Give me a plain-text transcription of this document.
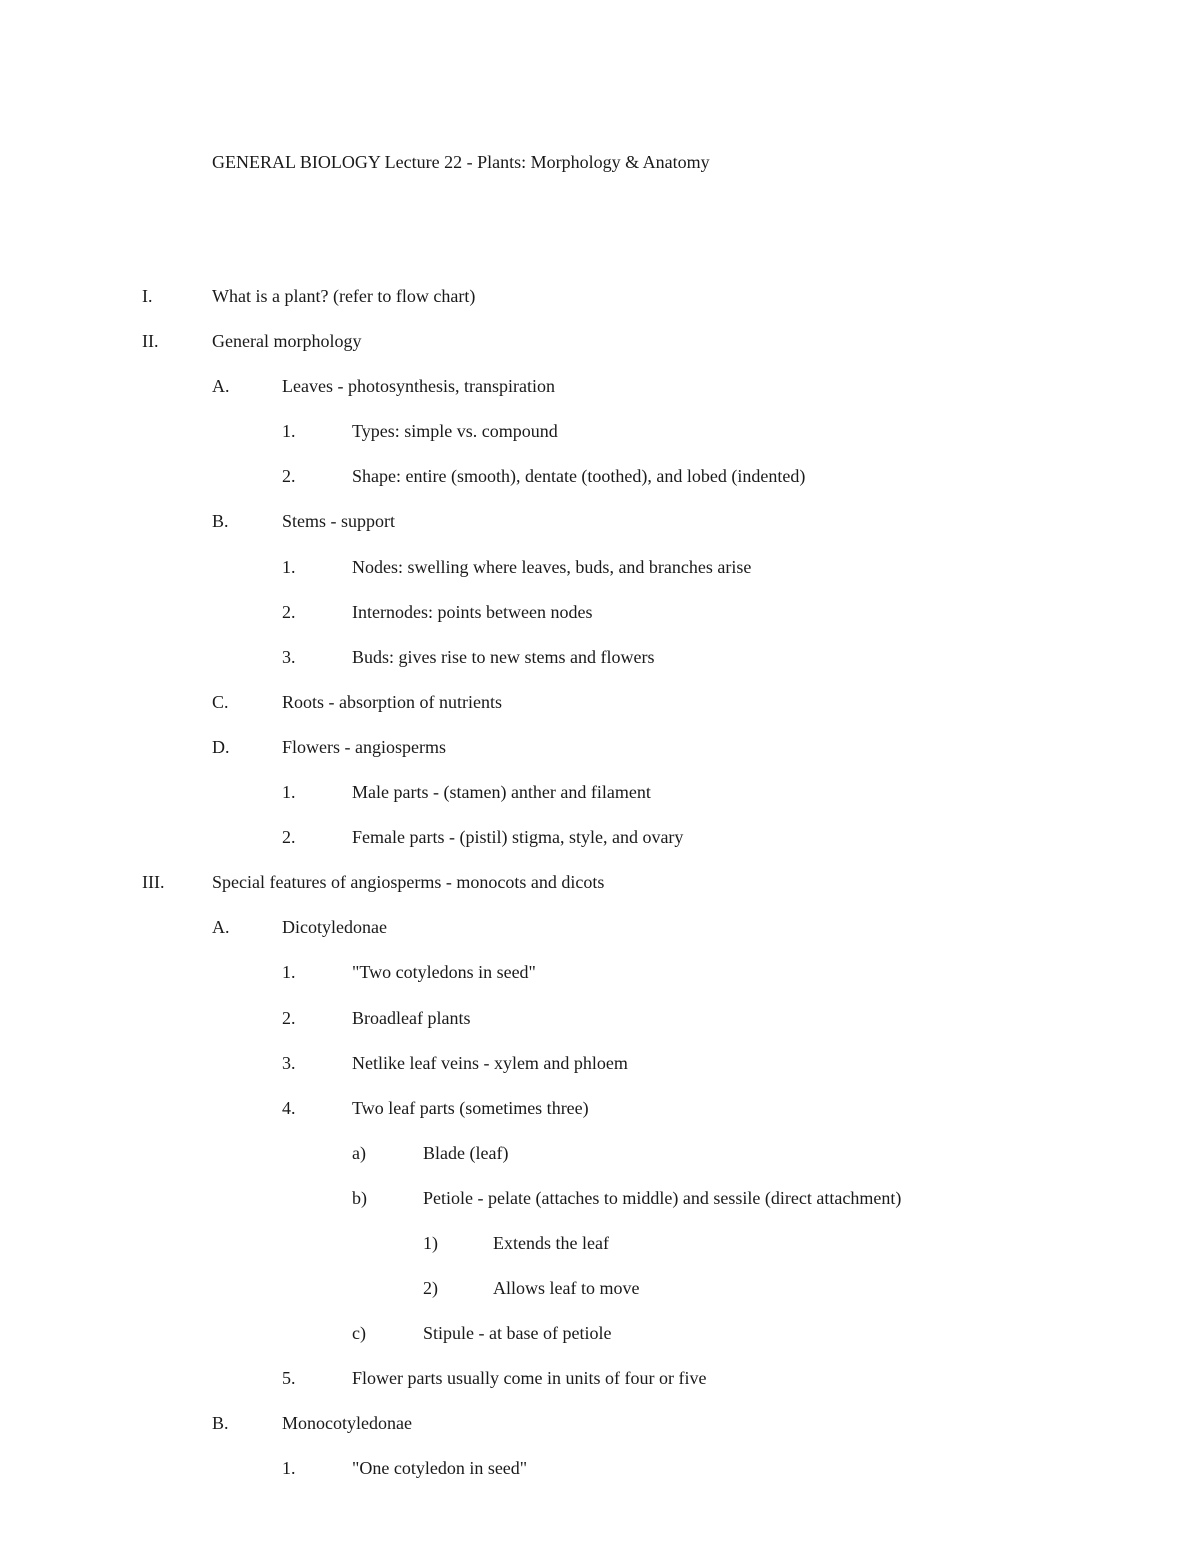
GENERAL BIOLOGY Lecture 22 - Plants: Morphology & Anatomy
I.	What is a plant? (refer to flow chart)
II.	General morphology
A.	Leaves - photosynthesis, transpiration
1.	Types: simple vs. compound
2.	Shape: entire (smooth), dentate (toothed), and lobed (indented)
B.	Stems - support
1.	Nodes: swelling where leaves, buds, and branches arise
2.	Internodes: points between nodes
3.	Buds: gives rise to new stems and flowers
C.	Roots - absorption of nutrients
D.	Flowers - angiosperms
1.	Male parts - (stamen) anther and filament
2.	Female parts - (pistil) stigma, style, and ovary
III.	Special features of angiosperms - monocots and dicots
A.	Dicotyledonae
1.	"Two cotyledons in seed"
2.	Broadleaf plants
3.	Netlike leaf veins - xylem and phloem
4.	Two leaf parts (sometimes three)
a)	Blade (leaf)
b)	Petiole - pelate (attaches to middle) and sessile (direct attachment)
1)	Extends the leaf
2)	Allows leaf to move
c)	Stipule - at base of petiole
5.	Flower parts usually come in units of four or five
B.	Monocotyledonae
1.	"One cotyledon in seed"
